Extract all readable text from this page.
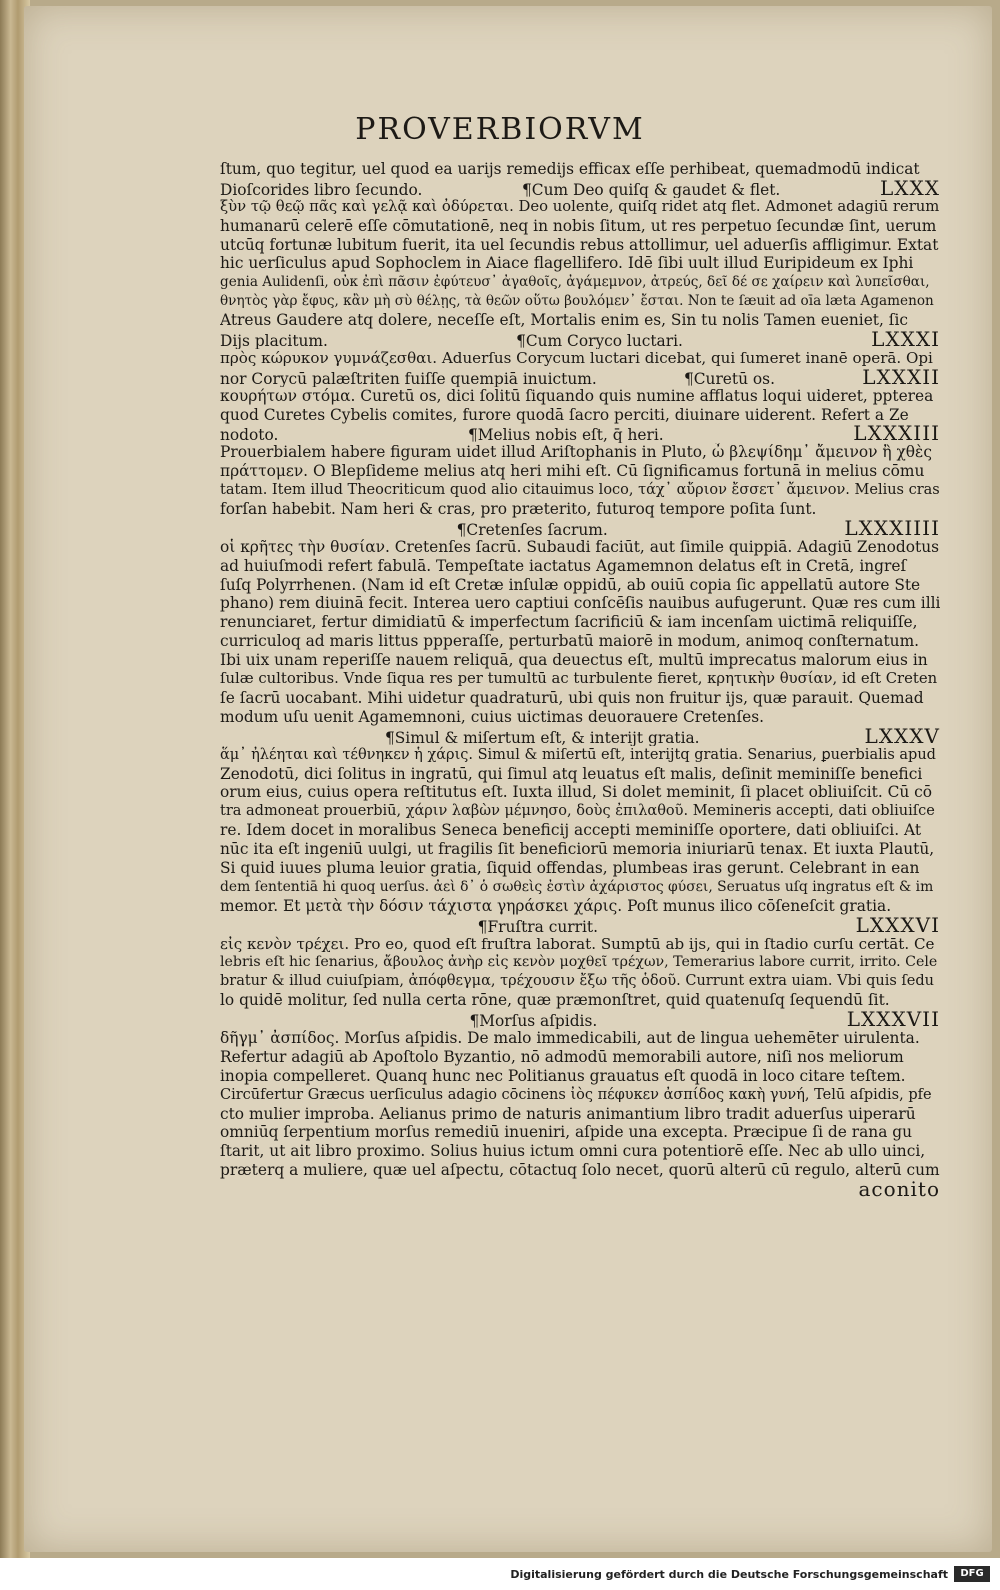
PROVERBIORVM
ſtum, quo tegitur, uel quod ea uarijs remedijs efficax eſſe perhibeat, quemadmodū indicat
Dioſcorides libro ſecundo.	¶Cum Deo quiſq & gaudet & flet.	LXXX
ξὺν τῷ θεῷ πᾶς καὶ γελᾷ καὶ ὀδύρεται. Deo uolente, quiſq ridet atq flet. Admonet adagiū rerum
humanarū celerē eſſe cōmutationē, neq in nobis ſitum, ut res perpetuo ſecundæ ſint, uerum
utcūq fortunæ lubitum fuerit, ita uel ſecundis rebus attollimur, uel aduerſis affligimur. Extat
hic uerſiculus apud Sophoclem in Aiace flagellifero. Idē ſibi uult illud Euripideum ex Iphi
genia Aulidenſi, οὐκ ἐπὶ πᾶσιν ἐφύτευσ᾽ ἀγαθοῖς, ἀγάμεμνον, ἀτρεύς, δεῖ δέ σε χαίρειν καὶ λυπεῖσθαι,
θνητὸς γὰρ ἔφυς, κἂν μὴ σὺ θέλῃς, τὰ θεῶν οὕτω βουλόμεν᾽ ἔσται. Non te ſæuit ad oīa læta Agamenon
Atreus Gaudere atq dolere, neceſſe eſt, Mortalis enim es, Sin tu nolis Tamen eueniet, ſic
Dijs placitum.	¶Cum Coryco luctari.	LXXXI
πρὸς κώρυκον γυμνάζεσθαι. Aduerſus Corycum luctari dicebat, qui ſumeret inanē operā. Opi
nor Corycū palæſtriten fuiſſe quempiā inuictum.	¶Curetū os.	LXXXII
κουρήτων στόμα. Curetū os, dici ſolitū ſiquando quis numine afflatus loqui uideret, ppterea
quod Curetes Cybelis comites, furore quodā ſacro perciti, diuinare uiderent. Refert a Ze
nodoto.	¶Melius nobis eſt, q̄ heri.	LXXXIII
Prouerbialem habere figuram uidet illud Ariſtophanis in Pluto, ὦ βλεψίδημ᾽ ἄμεινον ἢ χθὲς
πράττομεν. O Blepſideme melius atq heri mihi eſt. Cū ſignificamus fortunā in melius cōmu
tatam. Item illud Theocriticum quod alio citauimus loco, τάχ᾽ αὔριον ἔσσετ᾽ ἄμεινον. Melius cras
forſan habebit. Nam heri & cras, pro præterito, futuroq tempore poſita ſunt.
¶Cretenſes ſacrum.	LXXXIIII
οἱ κρῆτες τὴν θυσίαν. Cretenſes ſacrū. Subaudi faciūt, aut ſimile quippiā. Adagiū Zenodotus
ad huiuſmodi refert fabulā. Tempeſtate iactatus Agamemnon delatus eſt in Cretā, ingreſ
ſuſq Polyrrhenen. (Nam id eſt Cretæ inſulæ oppidū, ab ouiū copia ſic appellatū autore Ste
phano) rem diuinā fecit. Interea uero captiui conſcēſis nauibus aufugerunt. Quæ res cum illi
renunciaret, fertur dimidiatū & imperfectum ſacrificiū & iam incenſam uictimā reliquiſſe,
curriculoq ad maris littus ppperaſſe, perturbatū maiorē in modum, animoq conſternatum.
Ibi uix unam reperiſſe nauem reliquā, qua deuectus eſt, multū imprecatus malorum eius in
ſulæ cultoribus. Vnde ſiqua res per tumultū ac turbulente fieret, κρητικὴν θυσίαν, id eſt Creten
ſe ſacrū uocabant. Mihi uidetur quadraturū, ubi quis non fruitur ijs, quæ parauit. Quemad
modum uſu uenit Agamemnoni, cuius uictimas deuorauere Cretenſes.
¶Simul & miſertum eſt, & interijt gratia.	LXXXV
ἅμ᾽ ἠλέηται καὶ τέθνηκεν ἡ χάρις. Simul & miſertū eſt, interijtq gratia. Senarius, ꝑuerbialis apud
Zenodotū, dici ſolitus in ingratū, qui ſimul atq leuatus eſt malis, deſinit meminiſſe benefici
orum eius, cuius opera reſtitutus eſt. Iuxta illud, Si dolet meminit, ſi placet obliuiſcit. Cū cō
tra admoneat prouerbiū, χάριν λαβὼν μέμνησο, δοὺς ἐπιλαθοῦ. Memineris accepti, dati obliuiſce
re. Idem docet in moralibus Seneca beneficij accepti meminiſſe oportere, dati obliuiſci. At
nūc ita eſt ingeniū uulgi, ut fragilis ſit beneficiorū memoria iniuriarū tenax. Et iuxta Plautū,
Si quid iuues pluma leuior gratia, ſiquid offendas, plumbeas iras gerunt. Celebrant in ean
dem ſententiā hi quoq uerſus. ἀεὶ δ᾽ ὁ σωθεὶς ἐστὶν ἀχάριστος φύσει, Seruatus uſq ingratus eſt & im
memor. Et μετὰ τὴν δόσιν τάχιστα γηράσκει χάρις. Poſt munus ilico cōſeneſcit gratia.
¶Fruſtra currit.	LXXXVI
εἰς κενὸν τρέχει. Pro eo, quod eſt fruſtra laborat. Sumptū ab ijs, qui in ſtadio curſu certāt. Ce
lebris eſt hic ſenarius, ἄβουλος ἀνὴρ εἰς κενὸν μοχθεῖ τρέχων, Temerarius labore currit, irrito. Cele
bratur & illud cuiuſpiam, ἀπόφθεγμα, τρέχουσιν ἔξω τῆς ὁδοῦ. Currunt extra uiam. Vbi quis ſedu
lo quidē molitur, ſed nulla certa rōne, quæ præmonſtret, quid quatenuſq ſequendū ſit.
¶Morſus aſpidis.	LXXXVII
δῆγμ᾽ ἀσπίδος. Morſus aſpidis. De malo immedicabili, aut de lingua uehemēter uirulenta.
Refertur adagiū ab Apoſtolo Byzantio, nō admodū memorabili autore, niſi nos meliorum
inopia compelleret. Quanq hunc nec Politianus grauatus eſt quodā in loco citare teſtem.
Circūfertur Græcus uerſiculus adagio cōcinens ἰὸς πέφυκεν ἀσπίδος κακὴ γυνή, Telū aſpidis, pfe
cto mulier improba. Aelianus primo de naturis animantium libro tradit aduerſus uiperarū
omniūq ſerpentium morſus remediū inueniri, aſpide una excepta. Præcipue ſi de rana gu
ſtarit, ut ait libro proximo. Solius huius ictum omni cura potentiorē eſſe. Nec ab ullo uinci,
præterq a muliere, quæ uel aſpectu, cōtactuq ſolo necet, quorū alterū cū regulo, alterū cum
aconito
Digitalisierung gefördert durch die Deutsche Forschungsgemeinschaft	DFG
